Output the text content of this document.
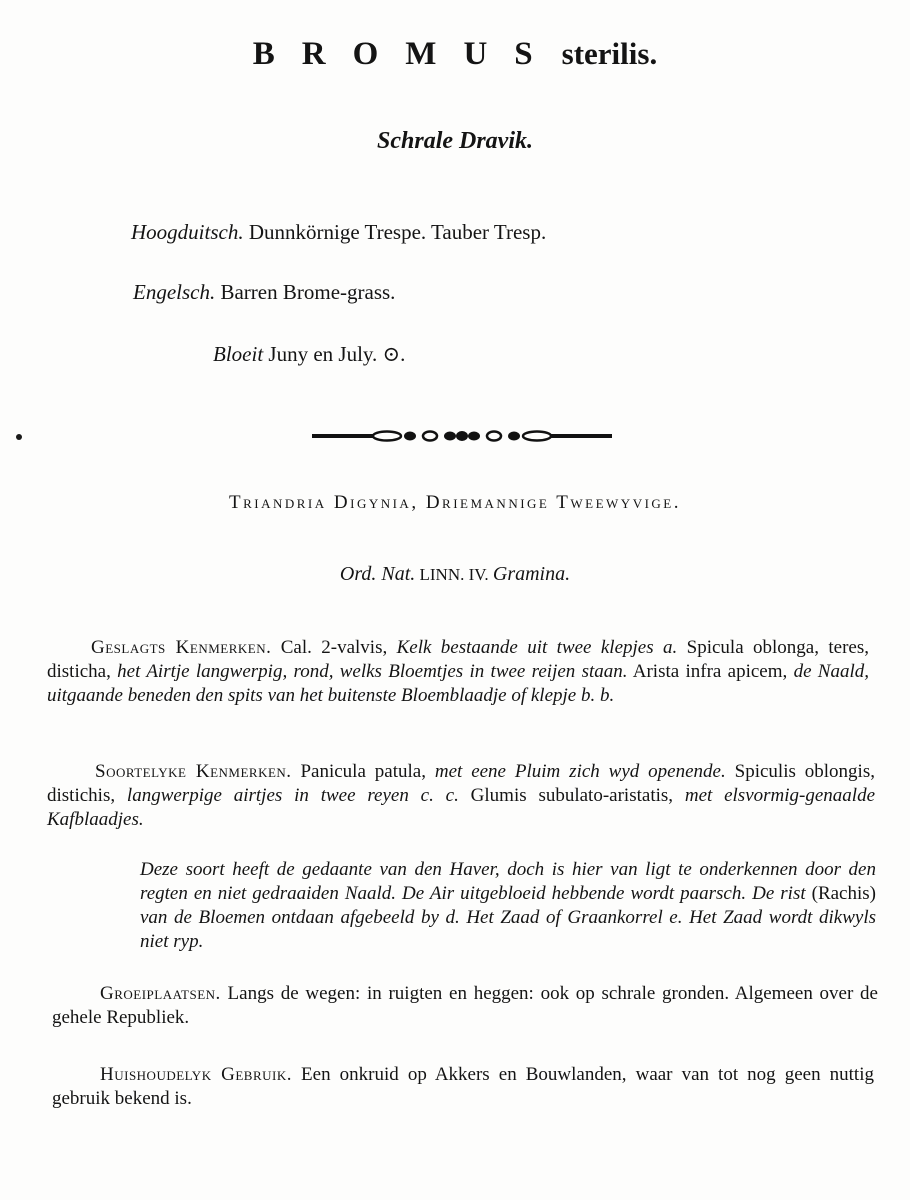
BROMUSsterilis.
Schrale Dravik.
Hoogduitsch. Dunnkörnige Trespe. Tauber Tresp.
Engelsch. Barren Brome-grass.
Bloeit Juny en July. ⊙.
Triandria Digynia, Driemannige Tweewyvige.
Ord. Nat. LINN. IV. Gramina.
Geslagts Kenmerken. Cal. 2-valvis, Kelk bestaande uit twee klepjes a. Spicula oblonga, teres, disticha, het Airtje langwerpig, rond, welks Bloemtjes in twee reijen staan. Arista infra apicem, de Naald, uitgaande beneden den spits van het buitenste Bloemblaadje of klepje b. b.
Soortelyke Kenmerken. Panicula patula, met eene Pluim zich wyd openende. Spiculis oblongis, distichis, langwerpige airtjes in twee reyen c. c. Glumis subulato-aristatis, met elsvormig-genaalde Kafblaadjes.
Deze soort heeft de gedaante van den Haver, doch is hier van ligt te onderkennen door den regten en niet gedraaiden Naald. De Air uitgebloeid hebbende wordt paarsch. De rist (Rachis) van de Bloemen ontdaan afgebeeld by d. Het Zaad of Graankorrel e. Het Zaad wordt dikwyls niet ryp.
Groeiplaatsen. Langs de wegen: in ruigten en heggen: ook op schrale gronden. Algemeen over de gehele Republiek.
Huishoudelyk Gebruik. Een onkruid op Akkers en Bouwlanden, waar van tot nog geen nuttig gebruik bekend is.
